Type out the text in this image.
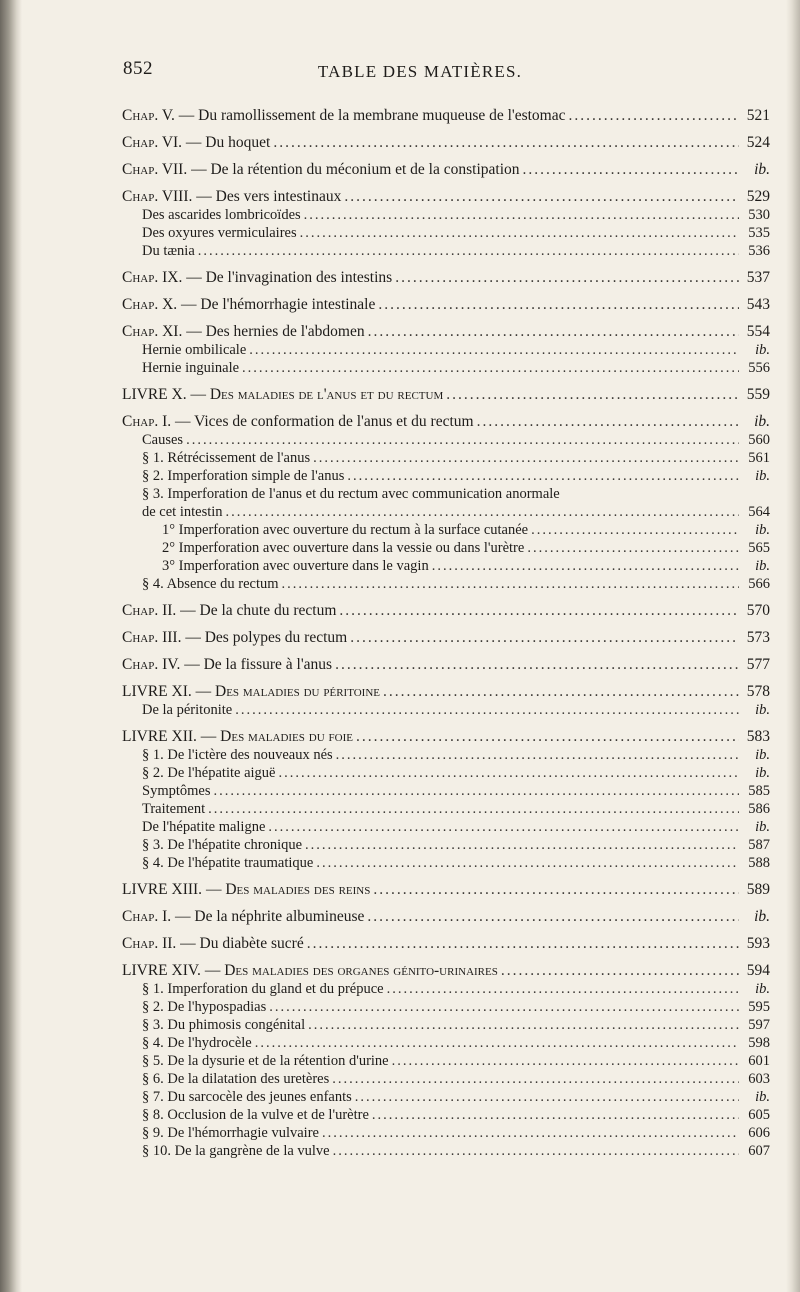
852	TABLE DES MATIÈRES.
Chap. V. — Du ramollissement de la membrane muqueuse de l'estomac .....	521
Chap. VI. — Du hoquet .....	524
Chap. VII. — De la rétention du méconium et de la constipation .....	ib.
Chap. VIII. — Des vers intestinaux .....	529
Des ascarides lombricoïdes .....	530
Des oxyures vermiculaires .....	535
Du tænia .....	536
Chap. IX. — De l'invagination des intestins .....	537
Chap. X. — De l'hémorrhagie intestinale .....	543
Chap. XI. — Des hernies de l'abdomen .....	554
Hernie ombilicale .....	ib.
Hernie inguinale .....	556
LIVRE X. — Des maladies de l'anus et du rectum .....	559
Chap. I. — Vices de conformation de l'anus et du rectum .....	ib.
Causes .....	560
§ 1. Rétrécissement de l'anus .....	561
§ 2. Imperforation simple de l'anus .....	ib.
§ 3. Imperforation de l'anus et du rectum avec communication anormale
de cet intestin .....	564
1° Imperforation avec ouverture du rectum à la surface cutanée .....	ib.
2° Imperforation avec ouverture dans la vessie ou dans l'urètre .....	565
3° Imperforation avec ouverture dans le vagin .....	ib.
§ 4. Absence du rectum .....	566
Chap. II. — De la chute du rectum .....	570
Chap. III. — Des polypes du rectum .....	573
Chap. IV. — De la fissure à l'anus .....	577
LIVRE XI. — Des maladies du péritoine .....	578
De la péritonite .....	ib.
LIVRE XII. — Des maladies du foie .....	583
§ 1. De l'ictère des nouveaux nés .....	ib.
§ 2. De l'hépatite aiguë .....	ib.
Symptômes .....	585
Traitement .....	586
De l'hépatite maligne .....	ib.
§ 3. De l'hépatite chronique .....	587
§ 4. De l'hépatite traumatique .....	588
LIVRE XIII. — Des maladies des reins .....	589
Chap. I. — De la néphrite albumineuse .....	ib.
Chap. II. — Du diabète sucré .....	593
LIVRE XIV. — Des maladies des organes génito-urinaires .....	594
§ 1. Imperforation du gland et du prépuce .....	ib.
§ 2. De l'hypospadias .....	595
§ 3. Du phimosis congénital .....	597
§ 4. De l'hydrocèle .....	598
§ 5. De la dysurie et de la rétention d'urine .....	601
§ 6. De la dilatation des uretères .....	603
§ 7. Du sarcocèle des jeunes enfants .....	ib.
§ 8. Occlusion de la vulve et de l'urètre .....	605
§ 9. De l'hémorrhagie vulvaire .....	606
§ 10. De la gangrène de la vulve .....	607
